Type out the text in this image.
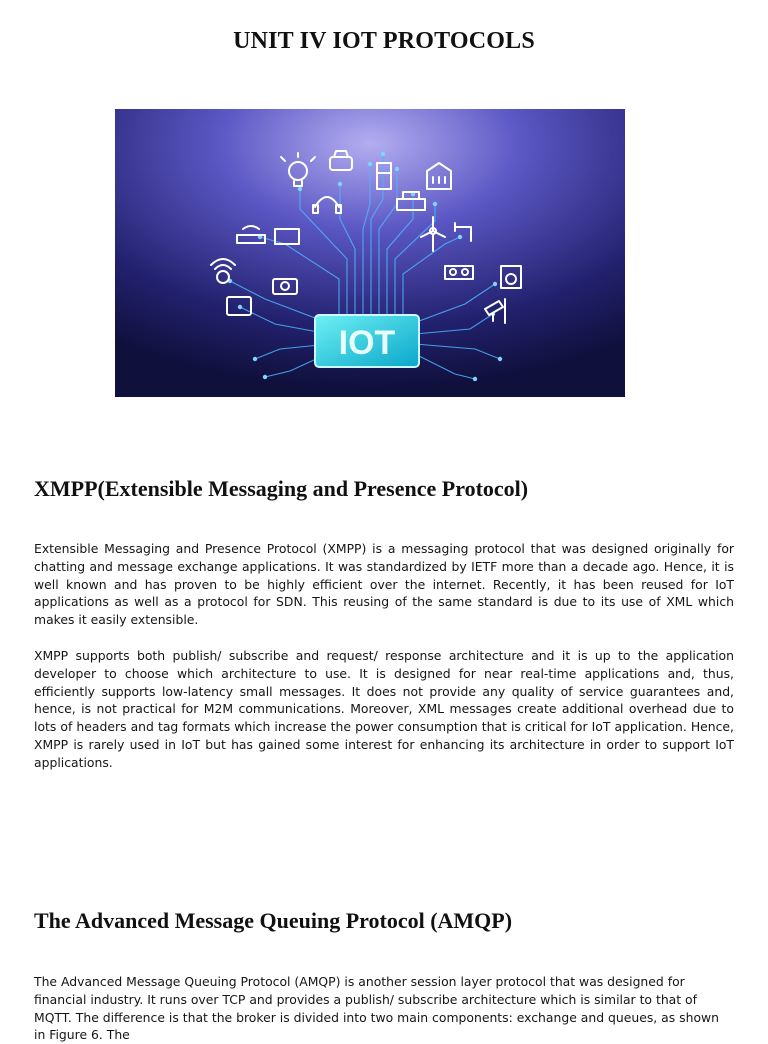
UNIT IV IOT PROTOCOLS
IOT
XMPP(Extensible Messaging and Presence Protocol)

Extensible Messaging and Presence Protocol (XMPP) is a messaging protocol that was designed originally for chatting and message exchange applications. It was standardized by IETF more than a decade ago. Hence, it is well known and has proven to be highly efficient over the internet. Recently, it has been reused for IoT applications as well as a protocol for SDN. This reusing of the same standard is due to its use of XML which makes it easily extensible.

XMPP supports both publish/ subscribe and request/ response architecture and it is up to the application developer to choose which architecture to use. It is designed for near real-time applications and, thus, efficiently supports low-latency small messages. It does not provide any quality of service guarantees and, hence, is not practical for M2M communications. Moreover, XML messages create additional overhead due to lots of headers and tag formats which increase the power consumption that is critical for IoT application. Hence, XMPP is rarely used in IoT but has gained some interest for enhancing its architecture in order to support IoT applications.

The Advanced Message Queuing Protocol (AMQP)

The Advanced Message Queuing Protocol (AMQP) is another session layer protocol that was designed for financial industry. It runs over TCP and provides a publish/ subscribe architecture which is similar to that of MQTT. The difference is that the broker is divided into two main components: exchange and queues, as shown in Figure 6. The
